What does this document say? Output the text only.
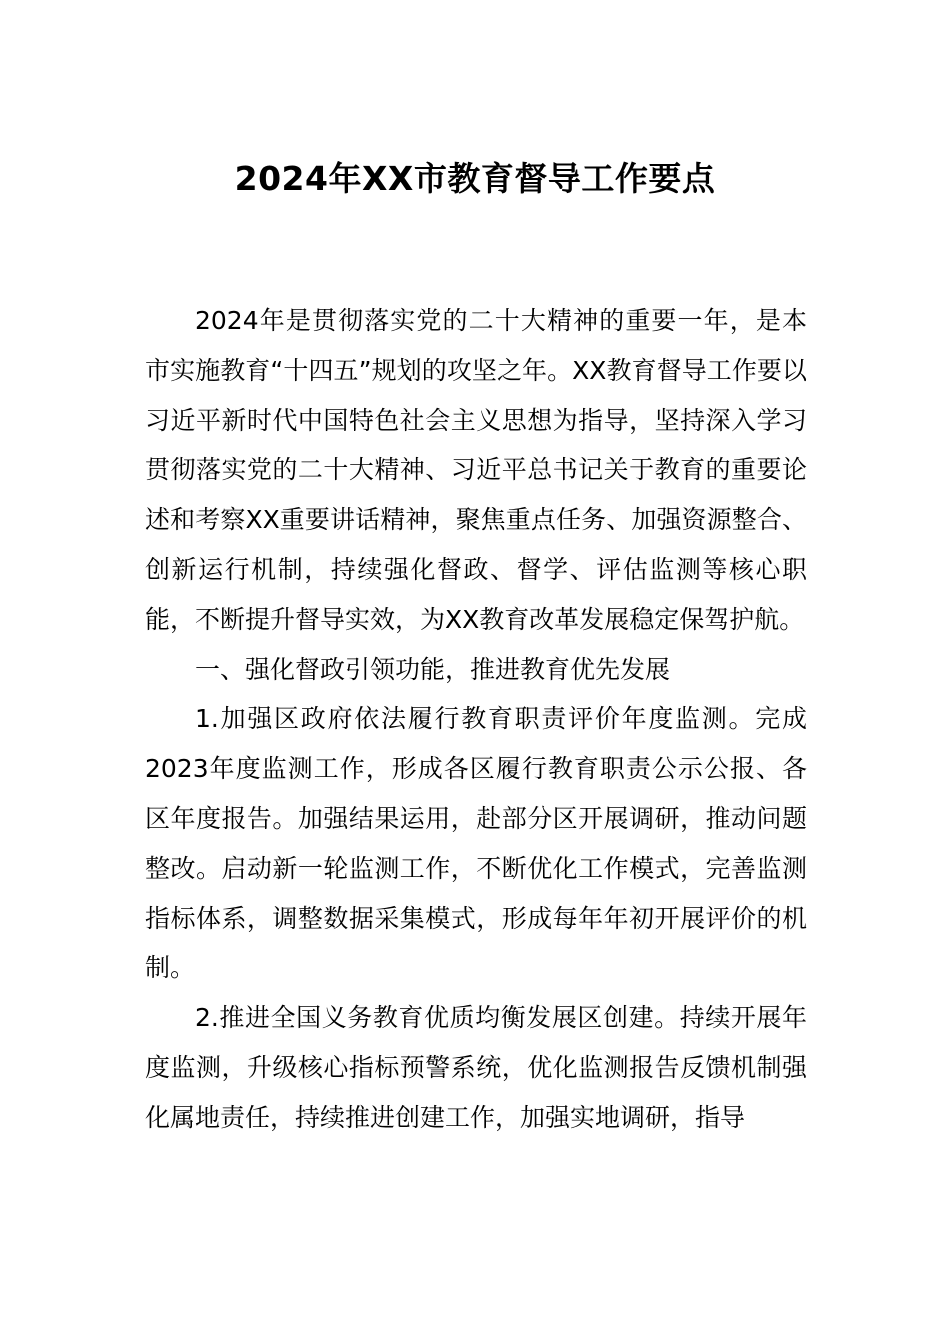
2024年XX市教育督导工作要点

2024年是贯彻落实党的二十大精神的重要一年，是本市实施教育“十四五”规划的攻坚之年。XX教育督导工作要以习近平新时代中国特色社会主义思想为指导，坚持深入学习贯彻落实党的二十大精神、习近平总书记关于教育的重要论述和考察XX重要讲话精神，聚焦重点任务、加强资源整合、创新运行机制，持续强化督政、督学、评估监测等核心职能，不断提升督导实效，为XX教育改革发展稳定保驾护航。

一、强化督政引领功能，推进教育优先发展

1.加强区政府依法履行教育职责评价年度监测。完成2023年度监测工作，形成各区履行教育职责公示公报、各区年度报告。加强结果运用，赴部分区开展调研，推动问题整改。启动新一轮监测工作，不断优化工作模式，完善监测指标体系，调整数据采集模式，形成每年年初开展评价的机制。

2.推进全国义务教育优质均衡发展区创建。持续开展年度监测，升级核心指标预警系统，优化监测报告反馈机制强化属地责任，持续推进创建工作，加强实地调研，指导
